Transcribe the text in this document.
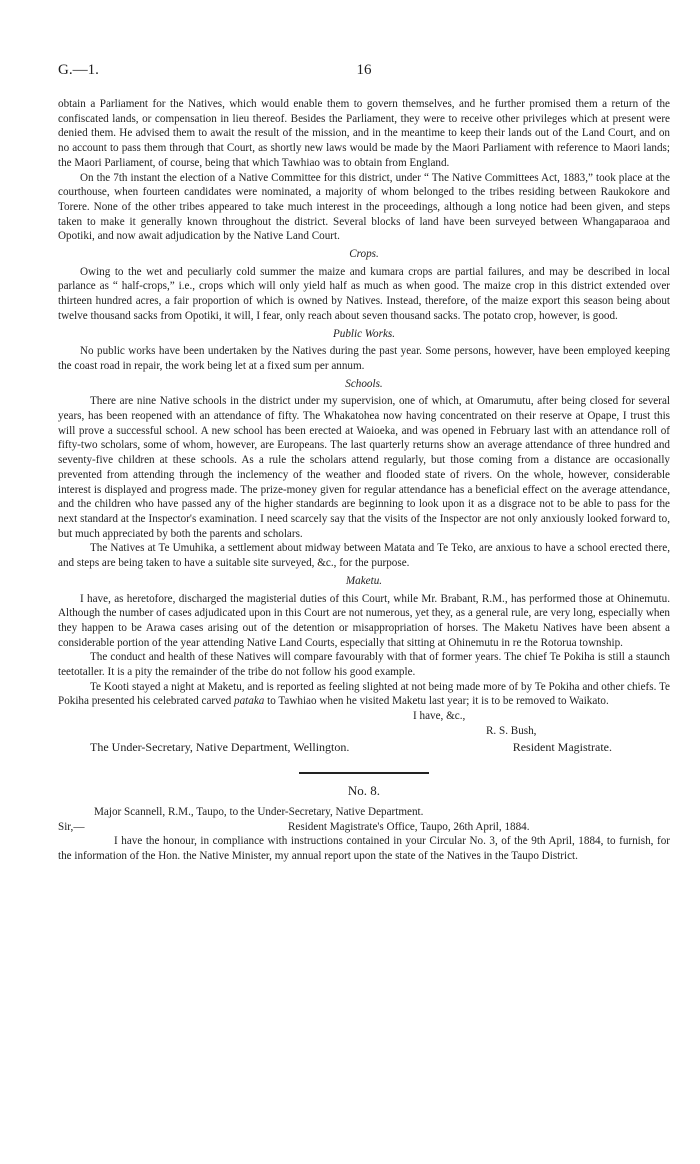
G.—1.	16

obtain a Parliament for the Natives, which would enable them to govern themselves, and he further promised them a return of the confiscated lands, or compensation in lieu thereof. Besides the Parliament, they were to receive other privileges which at present were denied them. He advised them to await the result of the mission, and in the meantime to keep their lands out of the Land Court, and on no account to pass them through that Court, as shortly new laws would be made by the Maori Parliament with reference to Maori lands; the Maori Parliament, of course, being that which Tawhiao was to obtain from England.

On the 7th instant the election of a Native Committee for this district, under “ The Native Committees Act, 1883,” took place at the courthouse, when fourteen candidates were nominated, a majority of whom belonged to the tribes residing between Raukokore and Torere. None of the other tribes appeared to take much interest in the proceedings, although a long notice had been given, and steps taken to make it generally known throughout the district. Several blocks of land have been surveyed between Whangaparaoa and Opotiki, and now await adjudication by the Native Land Court.

Crops.

Owing to the wet and peculiarly cold summer the maize and kumara crops are partial failures, and may be described in local parlance as “ half-crops,” i.e., crops which will only yield half as much as when good. The maize crop in this district extended over thirteen hundred acres, a fair proportion of which is owned by Natives. Instead, therefore, of the maize export this season being about twelve thousand sacks from Opotiki, it will, I fear, only reach about seven thousand sacks. The potato crop, however, is good.

Public Works.

No public works have been undertaken by the Natives during the past year. Some persons, however, have been employed keeping the coast road in repair, the work being let at a fixed sum per annum.

Schools.

There are nine Native schools in the district under my supervision, one of which, at Omarumutu, after being closed for several years, has been reopened with an attendance of fifty. The Whakatohea now having concentrated on their reserve at Opape, I trust this will prove a successful school. A new school has been erected at Waioeka, and was opened in February last with an attendance roll of fifty-two scholars, some of whom, however, are Europeans. The last quarterly returns show an average attendance of three hundred and seventy-five children at these schools. As a rule the scholars attend regularly, but those coming from a distance are occasionally prevented from attending through the inclemency of the weather and flooded state of rivers. On the whole, however, considerable interest is displayed and progress made. The prize-money given for regular attendance has a beneficial effect on the average attendance, and the children who have passed any of the higher standards are beginning to look upon it as a disgrace not to be able to pass for the next standard at the Inspector's examination. I need scarcely say that the visits of the Inspector are not only anxiously looked forward to, but much appreciated by both the parents and scholars.

The Natives at Te Umuhika, a settlement about midway between Matata and Te Teko, are anxious to have a school erected there, and steps are being taken to have a suitable site surveyed, &c., for the purpose.

Maketu.

I have, as heretofore, discharged the magisterial duties of this Court, while Mr. Brabant, R.M., has performed those at Ohinemutu. Although the number of cases adjudicated upon in this Court are not numerous, yet they, as a general rule, are very long, especially when they happen to be Arawa cases arising out of the detention or misappropriation of horses. The Maketu Natives have been absent a considerable portion of the year attending Native Land Courts, especially that sitting at Ohinemutu in re the Rotorua township.

The conduct and health of these Natives will compare favourably with that of former years. The chief Te Pokiha is still a staunch teetotaller. It is a pity the remainder of the tribe do not follow his good example.

Te Kooti stayed a night at Maketu, and is reported as feeling slighted at not being made more of by Te Pokiha and other chiefs. Te Pokiha presented his celebrated carved pataka to Tawhiao when he visited Maketu last year; it is to be removed to Waikato.

I have, &c.,
R. S. Bush,
The Under-Secretary, Native Department, Wellington.	Resident Magistrate.
No. 8.

Major Scannell, R.M., Taupo, to the Under-Secretary, Native Department.

Sir,—	Resident Magistrate's Office, Taupo, 26th April, 1884.

I have the honour, in compliance with instructions contained in your Circular No. 3, of the 9th April, 1884, to furnish, for the information of the Hon. the Native Minister, my annual report upon the state of the Natives in the Taupo District.
